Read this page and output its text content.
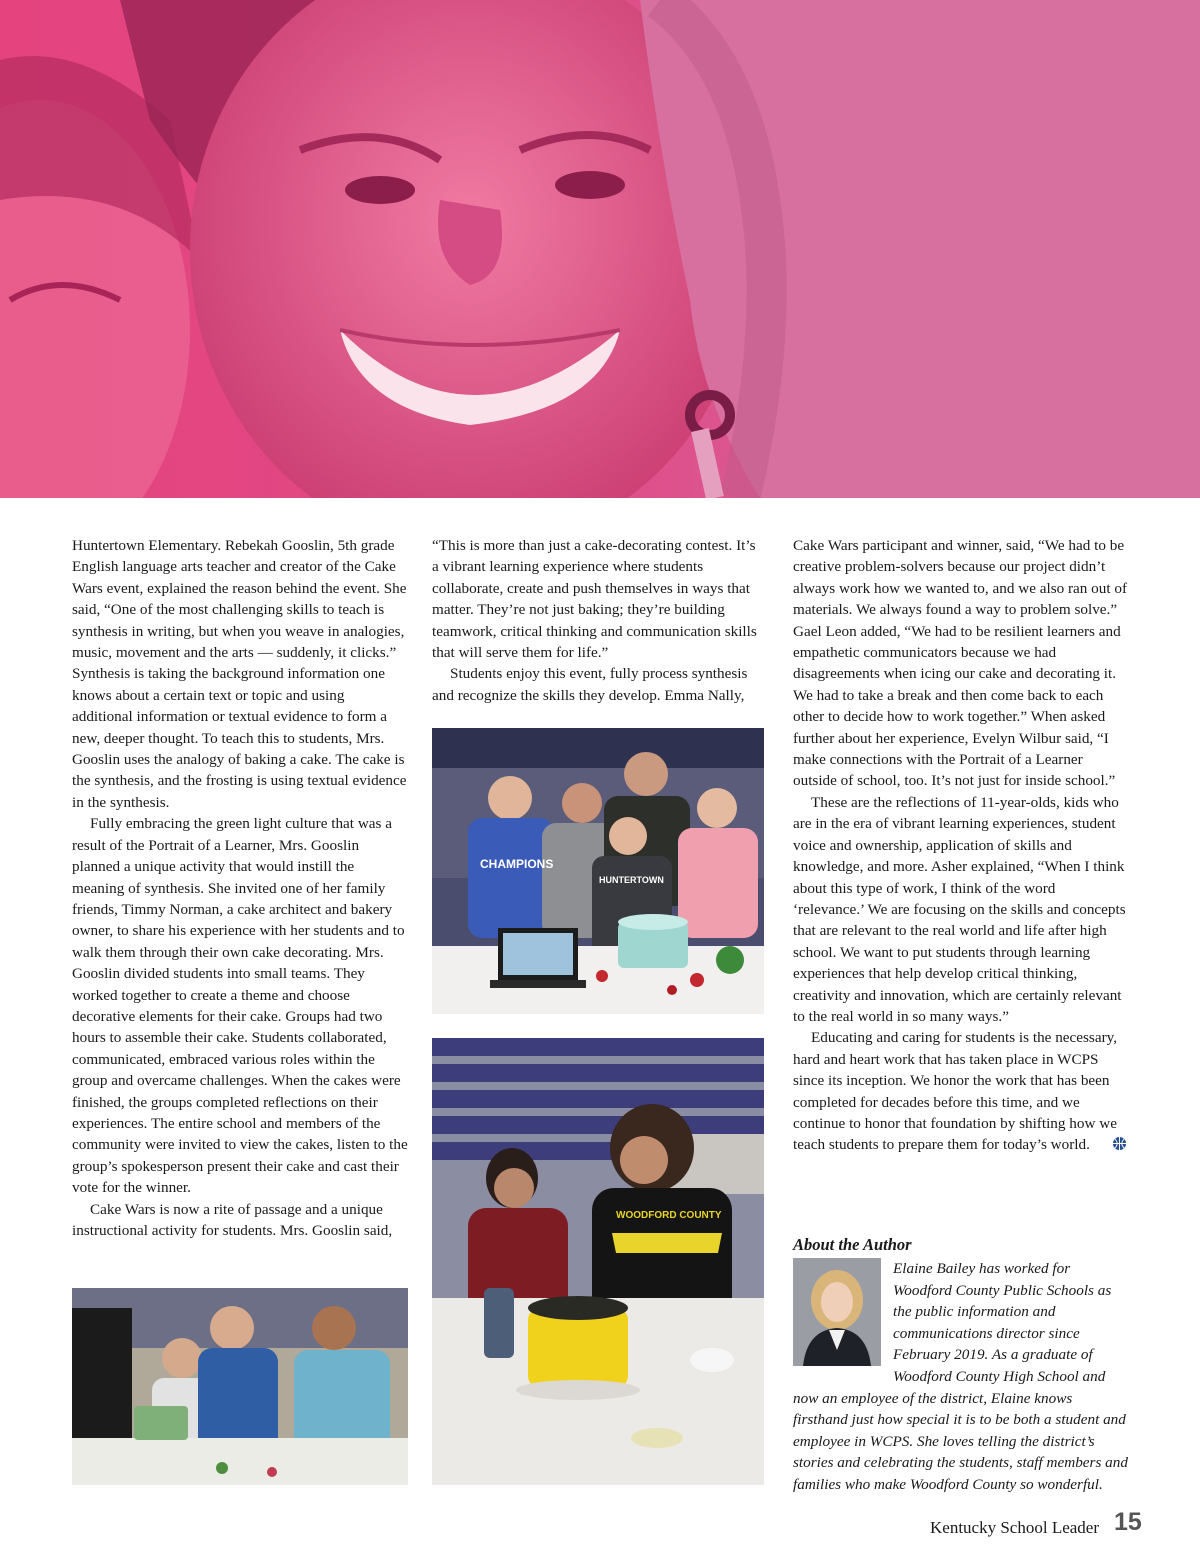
Huntertown Elementary. Rebekah Gooslin, 5th grade English language arts teacher and creator of the Cake Wars event, explained the reason behind the event. She said, “One of the most challenging skills to teach is synthesis in writing, but when you weave in analogies, music, movement and the arts — suddenly, it clicks.” Synthesis is taking the background information one knows about a certain text or topic and using additional information or textual evidence to form a new, deeper thought. To teach this to students, Mrs. Gooslin uses the analogy of baking a cake. The cake is the synthesis, and the frosting is using textual evidence in the synthesis.

Fully embracing the green light culture that was a result of the Portrait of a Learner, Mrs. Gooslin planned a unique activity that would instill the meaning of synthesis. She invited one of her family friends, Timmy Norman, a cake architect and bakery owner, to share his experience with her students and to walk them through their own cake decorating. Mrs. Gooslin divided students into small teams. They worked together to create a theme and choose decorative elements for their cake. Groups had two hours to assemble their cake. Students collaborated, communicated, embraced various roles within the group and overcame challenges. When the cakes were finished, the groups completed reflections on their experiences. The entire school and members of the community were invited to view the cakes, listen to the group’s spokesperson present their cake and cast their vote for the winner.

Cake Wars is now a rite of passage and a unique instructional activity for students. Mrs. Gooslin said,

“This is more than just a cake-decorating contest. It’s a vibrant learning experience where students collaborate, create and push themselves in ways that matter. They’re not just baking; they’re building teamwork, critical thinking and communication skills that will serve them for life.”

Students enjoy this event, fully process synthesis and recognize the skills they develop. Emma Nally,

Cake Wars participant and winner, said, “We had to be creative problem-solvers because our project didn’t always work how we wanted to, and we also ran out of materials. We always found a way to problem solve.” Gael Leon added, “We had to be resilient learners and empathetic communicators because we had disagreements when icing our cake and decorating it. We had to take a break and then come back to each other to decide how to work together.” When asked further about her experience, Evelyn Wilbur said, “I make connections with the Portrait of a Learner outside of school, too. It’s not just for inside school.”

These are the reflections of 11-year-olds, kids who are in the era of vibrant learning experiences, student voice and ownership, application of skills and knowledge, and more. Asher explained, “When I think about this type of work, I think of the word ‘relevance.’ We are focusing on the skills and concepts that are relevant to the real world and life after high school. We want to put students through learning experiences that help develop critical thinking, creativity and innovation, which are certainly relevant to the real world in so many ways.”

Educating and caring for students is the necessary, hard and heart work that has taken place in WCPS since its inception. We honor the work that has been completed for decades before this time, and we continue to honor that foundation by shifting how we teach students to prepare them for today’s world.

CHAMPIONS
HUNTERTOWN
WOODFORD COUNTY
About the Author
Elaine Bailey has worked for Woodford County Public Schools as the public information and communications director since February 2019. As a graduate of Woodford County High School and now an employee of the district, Elaine knows firsthand just how special it is to be both a student and employee in WCPS. She loves telling the district’s stories and celebrating the students, staff members and families who make Woodford County so wonderful.
Kentucky School Leader 15
